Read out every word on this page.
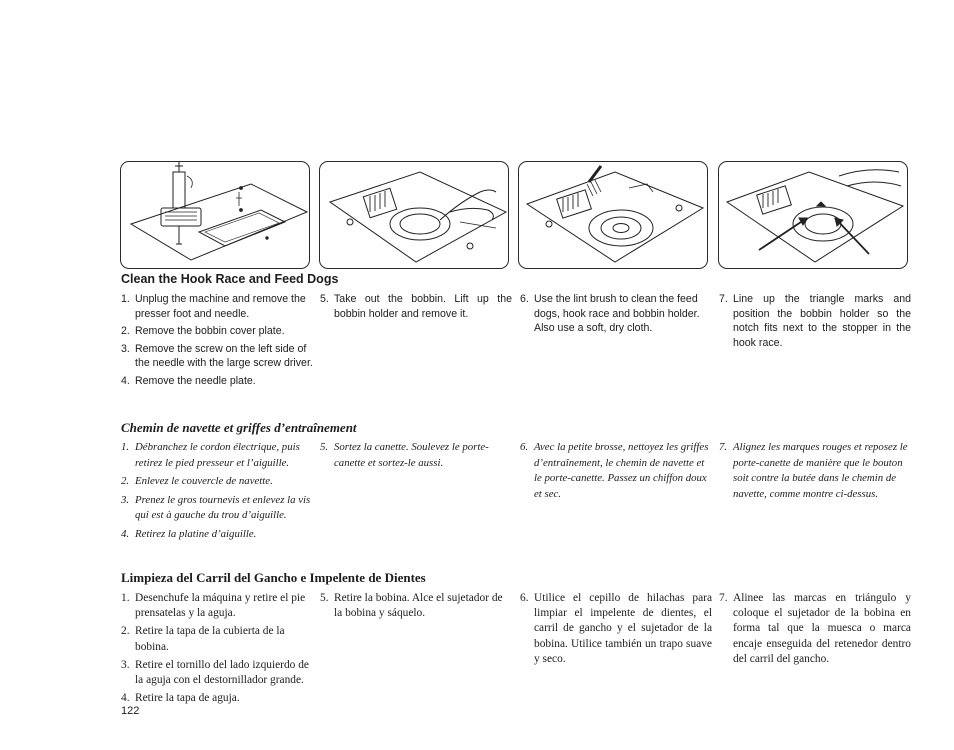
Clean the Hook Race and Feed Dogs
1. Unplug the machine and remove the presser foot and needle.
2. Remove the bobbin cover plate.
3. Remove the screw on the left side of the needle with the large screw driver.
4. Remove the needle plate.
5. Take out the bobbin. Lift up the bobbin holder and remove it.
6. Use the lint brush to clean the feed dogs, hook race and bobbin holder. Also use a soft, dry cloth.
7. Line up the triangle marks and position the bobbin holder so the notch fits next to the stopper in the hook race.
Chemin de navette et griffes d’entraînement
1. Débranchez le cordon électrique, puis retirez le pied presseur et l’aiguille.
2. Enlevez le couvercle de navette.
3. Prenez le gros tournevis et enlevez la vis qui est à gauche du trou d’aiguille.
4. Retirez la platine d’aiguille.
5. Sortez la canette. Soulevez le porte-canette et sortez-le aussi.
6. Avec la petite brosse, nettoyez les griffes d’entraînement, le chemin de navette et le porte-canette. Passez un chiffon doux et sec.
7. Alignez les marques rouges et reposez le porte-canette de manière que le bouton soit contre la butée dans le chemin de navette, comme montre ci-dessus.
Limpieza del Carril del Gancho e Impelente de Dientes
1. Desenchufe la máquina y retire el pie prensatelas y la aguja.
2. Retire la tapa de la cubierta de la bobina.
3. Retire el tornillo del lado izquierdo de la aguja con el destornillador grande.
4. Retire la tapa de aguja.
5. Retire la bobina. Alce el sujetador de la bobina y sáquelo.
6. Utilice el cepillo de hilachas para limpiar el impelente de dientes, el carril de gancho y el sujetador de la bobina. Utilice también un trapo suave y seco.
7. Alinee las marcas en triángulo y coloque el sujetador de la bobina en forma tal que la muesca o marca encaje enseguida del retenedor dentro del carril del gancho.
122
